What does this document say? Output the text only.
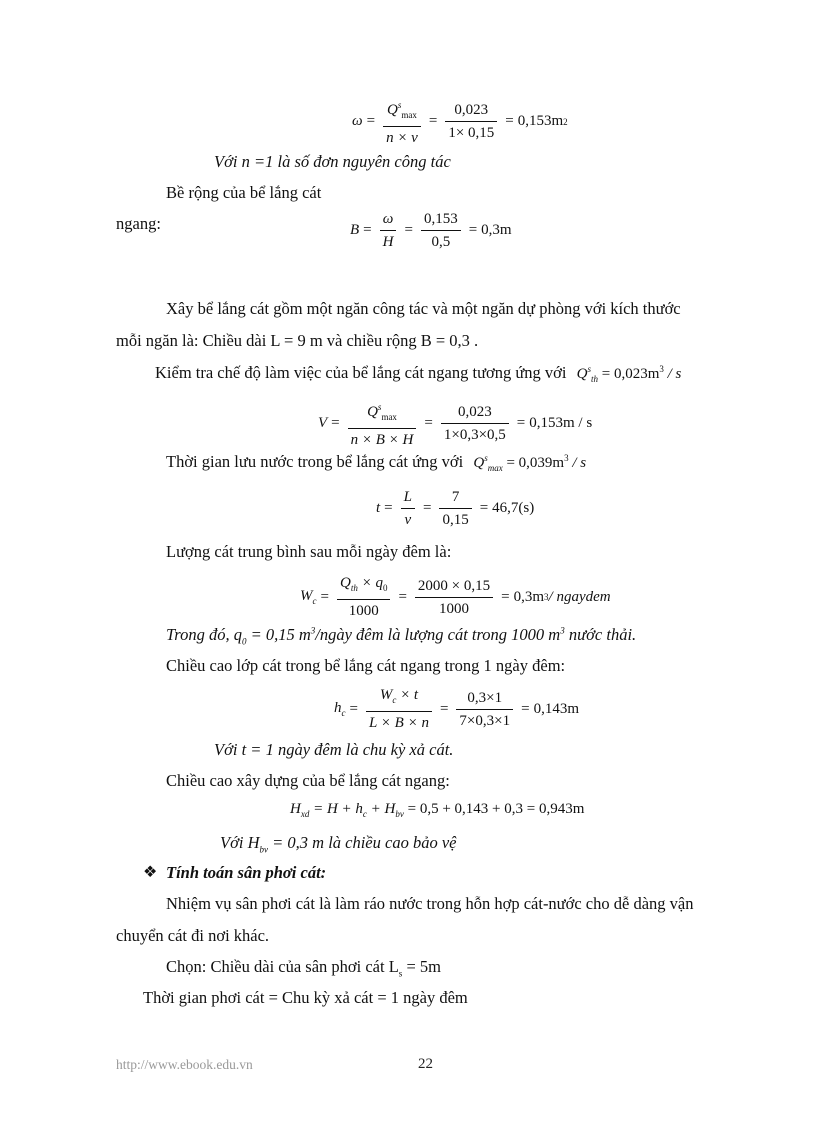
$\omega = \frac{Q^s_{max}}{n \times v} = \frac{0,023}{1\times 0,15} = 0,153m$ 2
Với n =1 là số đơn nguyên công tác
Bề rộng của bể lắng cát
ngang:	$B = \frac{\omega}{H} = \frac{0,153}{0,5} = 0,3m$
Xây bể lắng cát gồm một ngăn công tác và một ngăn dự phòng với kích thước
mỗi ngăn là: Chiều dài L = 9 m và chiều rộng B = 0,3 .
Kiểm tra chế độ làm việc của bể lắng cát ngang tương ứng với $Q^s_{th} = 0,023m^3 / s$
$V = \frac{Q^s_{max}}{n \times B \times H} = \frac{0,023}{1\times 0,3\times 0,5} = 0,153m / s$
Thời gian lưu nước trong bể lắng cát ứng với $Q^s_{max} = 0,039m^3 / s$
$t = \frac{L}{v} = \frac{7}{0,15} = 46,7(s)$
Lượng cát trung bình sau mỗi ngày đêm là:
$W_c = \frac{Q_{th} \times q_0}{1000} = \frac{2000 \times 0,15}{1000} = 0,3m$ 3 / ngaydem
Trong đó, $q_0 = 0,15$ $m^3$/ngày đêm là lượng cát trong 1000 $m^3$ nước thải.
Chiều cao lớp cát trong bể lắng cát ngang trong 1 ngày đêm:
$h_c = \frac{W_c \times t}{L \times B \times n} = \frac{0,3\times 1}{7\times 0,3\times 1} = 0,143m$
Với t = 1 ngày đêm là chu kỳ xả cát.
Chiều cao xây dựng của bể lắng cát ngang:
$H_{xd} = H + h_c + H_{bv} = 0,5 + 0,143 + 0,3 = 0,943m$
Với $H_{bv} = 0,3$ m là chiều cao bảo vệ
❖ Tính toán sân phơi cát:
Nhiệm vụ sân phơi cát là làm ráo nước trong hỗn hợp cát-nước cho dễ dàng vận
chuyển cát đi nơi khác.
Chọn: Chiều dài của sân phơi cát $L_s = 5m$
Thời gian phơi cát = Chu kỳ xả cát = 1 ngày đêm
http://www.ebook.edu.vn	22
